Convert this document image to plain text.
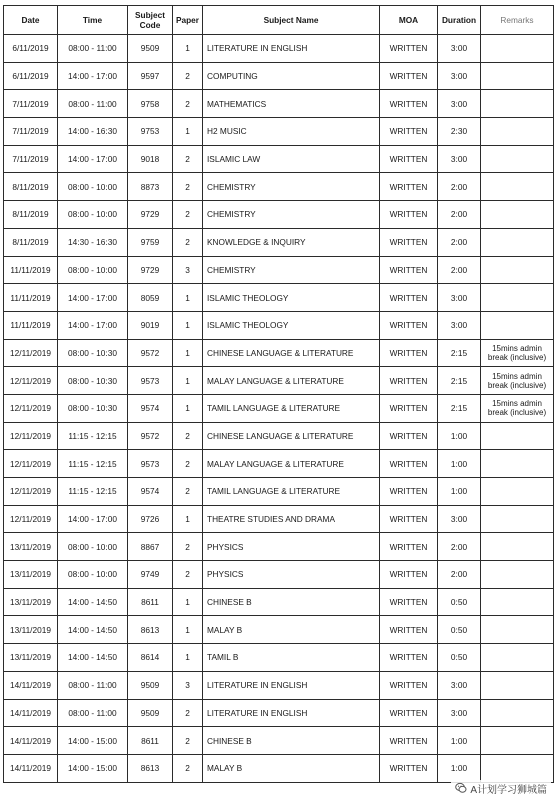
Date	Time	Subject Code	Paper	Subject Name	MOA	Duration	Remarks
6/11/2019	08:00 - 11:00	9509	1	LITERATURE IN ENGLISH	WRITTEN	3:00	
6/11/2019	14:00 - 17:00	9597	2	COMPUTING	WRITTEN	3:00	
7/11/2019	08:00 - 11:00	9758	2	MATHEMATICS	WRITTEN	3:00	
7/11/2019	14:00 - 16:30	9753	1	H2 MUSIC	WRITTEN	2:30	
7/11/2019	14:00 - 17:00	9018	2	ISLAMIC LAW	WRITTEN	3:00	
8/11/2019	08:00 - 10:00	8873	2	CHEMISTRY	WRITTEN	2:00	
8/11/2019	08:00 - 10:00	9729	2	CHEMISTRY	WRITTEN	2:00	
8/11/2019	14:30 - 16:30	9759	2	KNOWLEDGE & INQUIRY	WRITTEN	2:00	
11/11/2019	08:00 - 10:00	9729	3	CHEMISTRY	WRITTEN	2:00	
11/11/2019	14:00 - 17:00	8059	1	ISLAMIC THEOLOGY	WRITTEN	3:00	
11/11/2019	14:00 - 17:00	9019	1	ISLAMIC THEOLOGY	WRITTEN	3:00	
12/11/2019	08:00 - 10:30	9572	1	CHINESE LANGUAGE & LITERATURE	WRITTEN	2:15	15mins admin break (inclusive)
12/11/2019	08:00 - 10:30	9573	1	MALAY LANGUAGE & LITERATURE	WRITTEN	2:15	15mins admin break (inclusive)
12/11/2019	08:00 - 10:30	9574	1	TAMIL LANGUAGE & LITERATURE	WRITTEN	2:15	15mins admin break (inclusive)
12/11/2019	11:15 - 12:15	9572	2	CHINESE LANGUAGE & LITERATURE	WRITTEN	1:00	
12/11/2019	11:15 - 12:15	9573	2	MALAY LANGUAGE & LITERATURE	WRITTEN	1:00	
12/11/2019	11:15 - 12:15	9574	2	TAMIL LANGUAGE & LITERATURE	WRITTEN	1:00	
12/11/2019	14:00 - 17:00	9726	1	THEATRE STUDIES AND DRAMA	WRITTEN	3:00	
13/11/2019	08:00 - 10:00	8867	2	PHYSICS	WRITTEN	2:00	
13/11/2019	08:00 - 10:00	9749	2	PHYSICS	WRITTEN	2:00	
13/11/2019	14:00 - 14:50	8611	1	CHINESE B	WRITTEN	0:50	
13/11/2019	14:00 - 14:50	8613	1	MALAY B	WRITTEN	0:50	
13/11/2019	14:00 - 14:50	8614	1	TAMIL B	WRITTEN	0:50	
14/11/2019	08:00 - 11:00	9509	3	LITERATURE IN ENGLISH	WRITTEN	3:00	
14/11/2019	08:00 - 11:00	9509	2	LITERATURE IN ENGLISH	WRITTEN	3:00	
14/11/2019	14:00 - 15:00	8611	2	CHINESE B	WRITTEN	1:00	
14/11/2019	14:00 - 15:00	8613	2	MALAY B	WRITTEN	1:00	
A计划学习狮城篇
